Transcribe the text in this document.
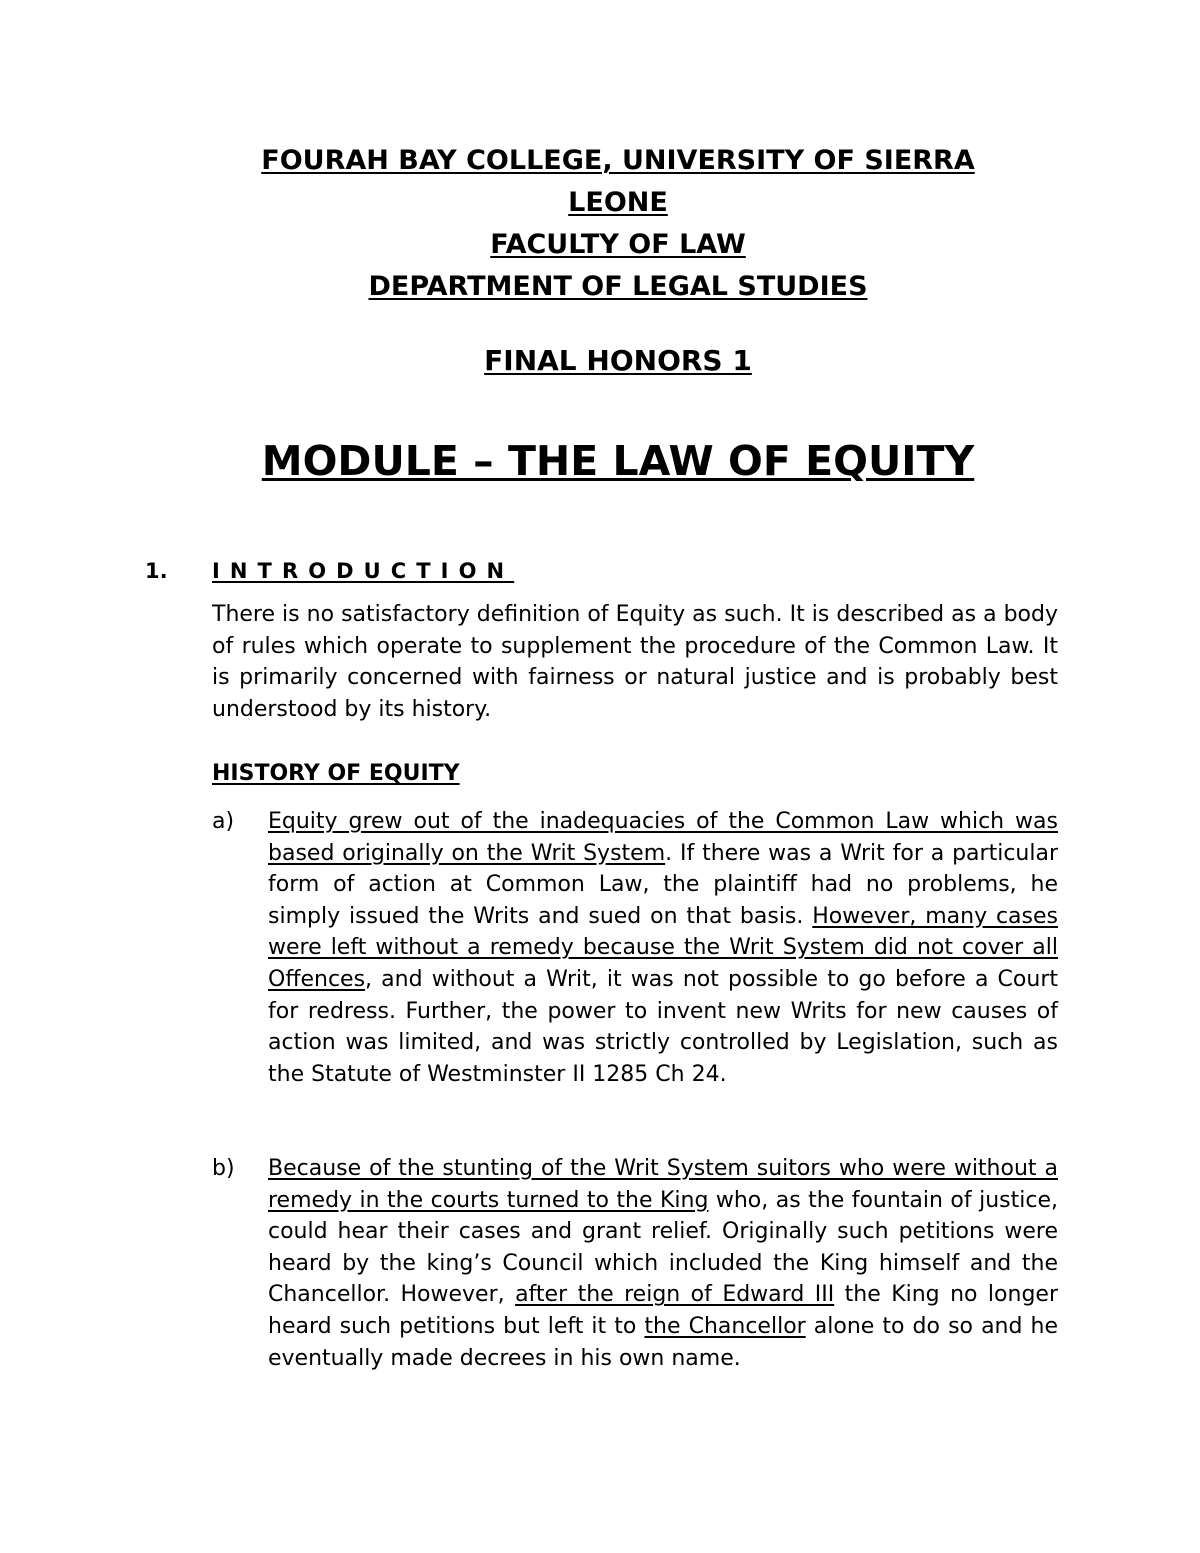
FOURAH BAY COLLEGE, UNIVERSITY OF SIERRA
LEONE
FACULTY OF LAW
DEPARTMENT OF LEGAL STUDIES
FINAL HONORS 1
MODULE – THE LAW OF EQUITY
1. INTRODUCTION
There is no satisfactory definition of Equity as such. It is described as a body of rules which operate to supplement the procedure of the Common Law. It is primarily concerned with fairness or natural justice and is probably best understood by its history.
HISTORY OF EQUITY
a) Equity grew out of the inadequacies of the Common Law which was based originally on the Writ System. If there was a Writ for a particular form of action at Common Law, the plaintiff had no problems, he simply issued the Writs and sued on that basis. However, many cases were left without a remedy because the Writ System did not cover all Offences, and without a Writ, it was not possible to go before a Court for redress. Further, the power to invent new Writs for new causes of action was limited, and was strictly controlled by Legislation, such as the Statute of Westminster II 1285 Ch 24.
b) Because of the stunting of the Writ System suitors who were without a remedy in the courts turned to the King who, as the fountain of justice, could hear their cases and grant relief. Originally such petitions were heard by the king’s Council which included the King himself and the Chancellor. However, after the reign of Edward III the King no longer heard such petitions but left it to the Chancellor alone to do so and he eventually made decrees in his own name.
